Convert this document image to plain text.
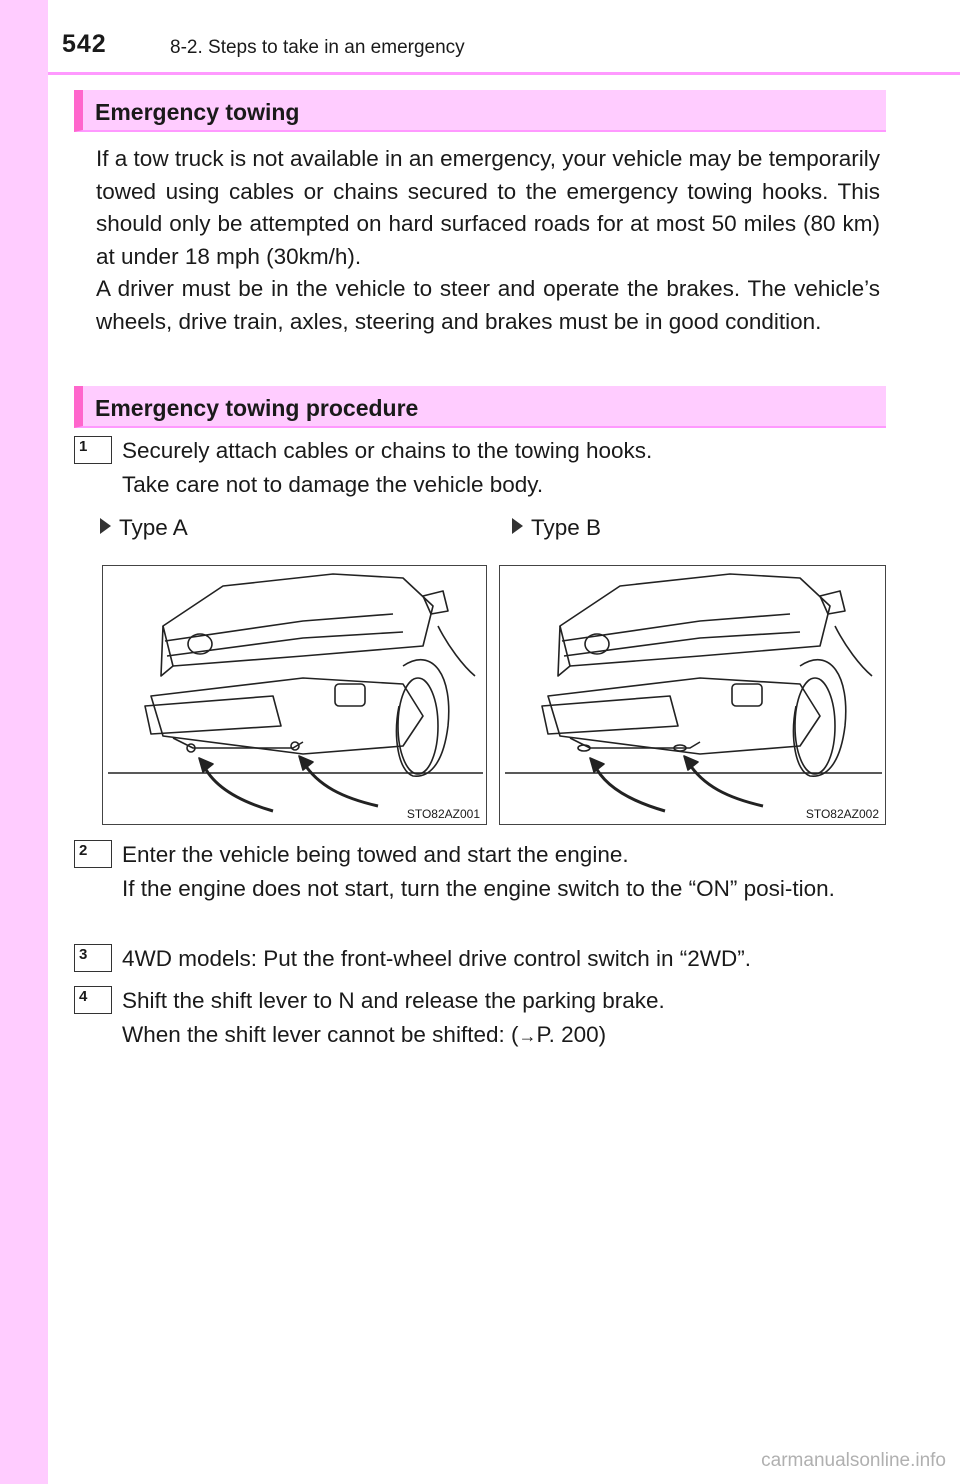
542	8-2. Steps to take in an emergency
Emergency towing

If a tow truck is not available in an emergency, your vehicle may be temporarily towed using cables or chains secured to the emergency towing hooks. This should only be attempted on hard surfaced roads for at most 50 miles (80 km) at under 18 mph (30km/h).

A driver must be in the vehicle to steer and operate the brakes. The vehicle’s wheels, drive train, axles, steering and brakes must be in good condition.

Emergency towing procedure
1 Securely attach cables or chains to the towing hooks.
Take care not to damage the vehicle body.
Type A	Type B
STO82AZ001	STO82AZ002
2 Enter the vehicle being towed and start the engine.
If the engine does not start, turn the engine switch to the “ON” posi-tion.
3 4WD models: Put the front-wheel drive control switch in “2WD”.
4 Shift the shift lever to N and release the parking brake.
When the shift lever cannot be shifted: (→P. 200)
carmanualsonline.info
